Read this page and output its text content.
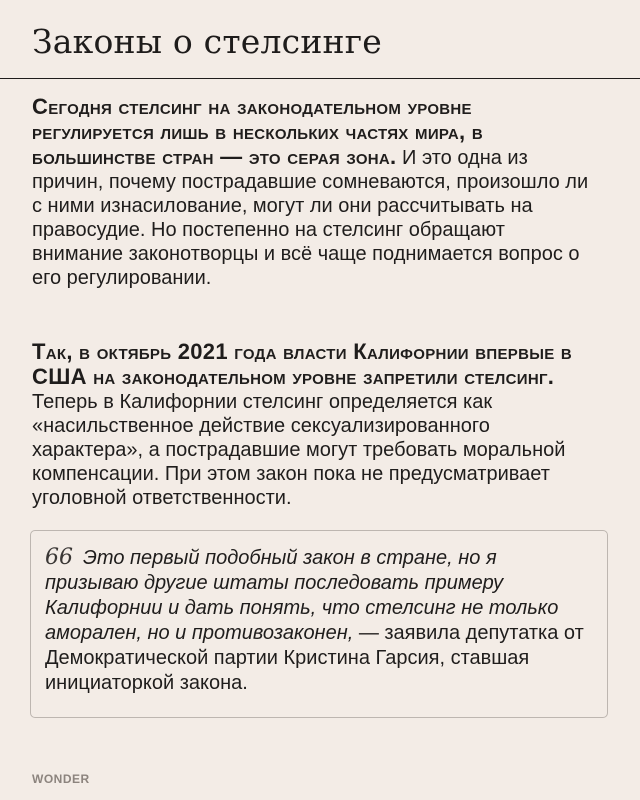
Законы о стелсинге
Сегодня стелсинг на законодательном уровне регулируется лишь в нескольких частях мира, в большинстве стран — это серая зона. И это одна из причин, почему пострадавшие сомневаются, произошло ли с ними изнасилование, могут ли они рассчитывать на правосудие. Но постепенно на стелсинг обращают внимание законотворцы и всё чаще поднимается вопрос о его регулировании.
Так, в октябрь 2021 года власти Калифорнии впервые в США на законодательном уровне запретили стелсинг. Теперь в Калифорнии стелсинг определяется как «насильственное действие сексуализированного характера», а пострадавшие могут требовать моральной компенсации. При этом закон пока не предусматривает уголовной ответственности.
66 Это первый подобный закон в стране, но я призываю другие штаты последовать примеру Калифорнии и дать понять, что стелсинг не только аморален, но и противозаконен, — заявила депутатка от Демократической партии Кристина Гарсия, ставшая инициаторкой закона.
WONDER
